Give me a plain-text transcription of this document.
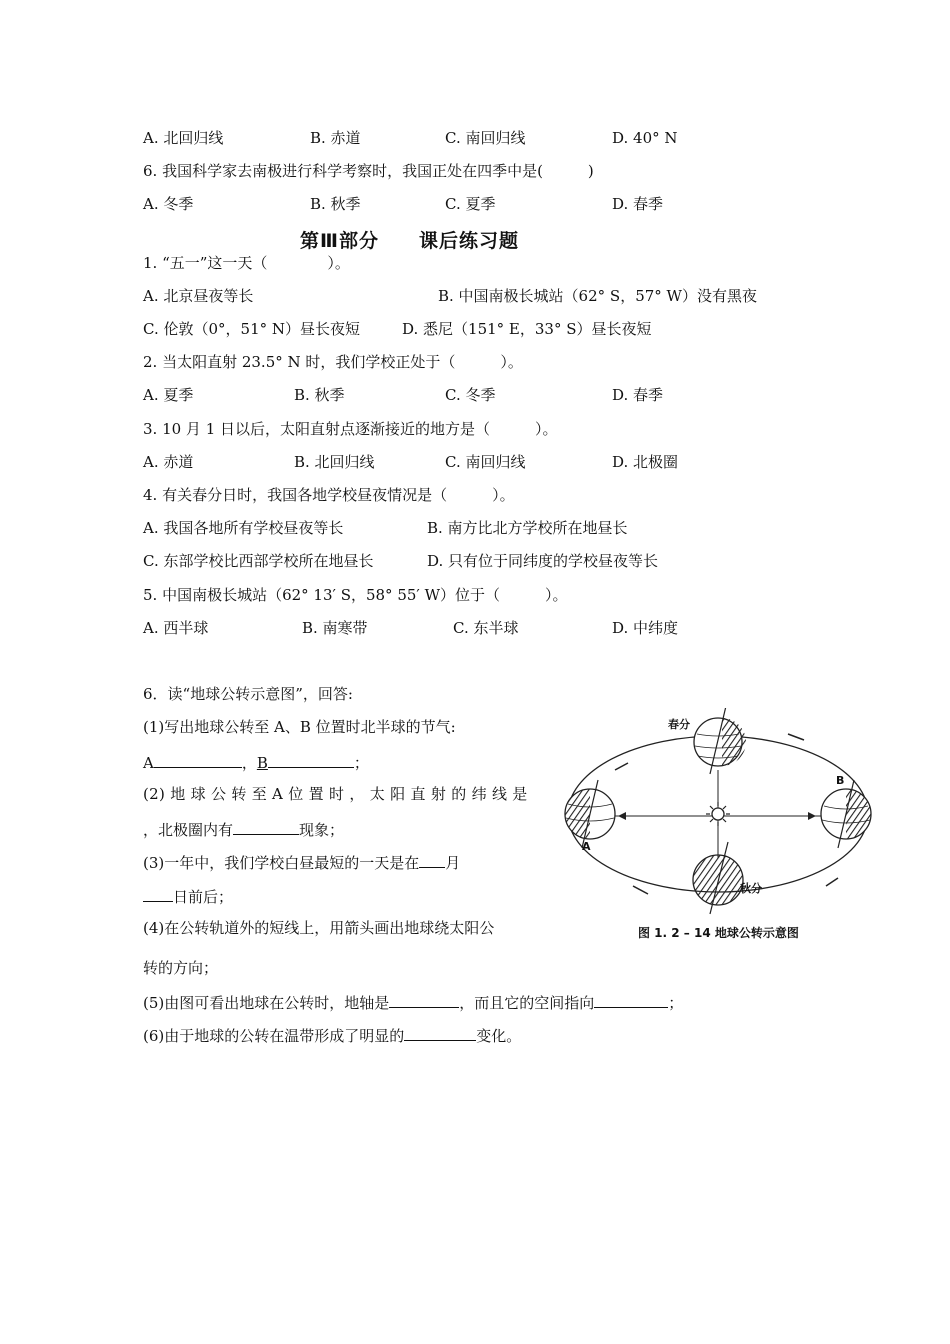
A. 北回归线	B. 赤道	C. 南回归线	D. 40° N
6. 我国科学家去南极进行科学考察时，我国正处在四季中是(　　　)
A. 冬季	B. 秋季	C. 夏季	D. 春季
第Ⅲ部分　　课后练习题
1. “五一”这一天（　　　　）。
A. 北京昼夜等长	B. 中国南极长城站（62° S，57° W）没有黑夜
C. 伦敦（0°，51° N）昼长夜短	D. 悉尼（151° E，33° S）昼长夜短
2. 当太阳直射 23.5° N 时，我们学校正处于（　　　）。
A. 夏季	B. 秋季	C. 冬季	D. 春季
3. 10 月 1 日以后，太阳直射点逐渐接近的地方是（　　　）。
A. 赤道	B. 北回归线	C. 南回归线	D. 北极圈
4. 有关春分日时，我国各地学校昼夜情况是（　　　）。
A. 我国各地所有学校昼夜等长	B. 南方比北方学校所在地昼长
C. 东部学校比西部学校所在地昼长	D. 只有位于同纬度的学校昼夜等长
5. 中国南极长城站（62° 13′ S，58° 55′ W）位于（　　　）。
A. 西半球	B. 南寒带	C. 东半球	D. 中纬度
6．读“地球公转示意图”，回答:
(1)写出地球公转至 A、B 位置时北半球的节气:
A	，B	；
(2) 地 球 公 转 至 A 位 置 时 ， 太 阳 直 射 的 纬 线 是
，北极圈内有	现象；
(3)一年中，我们学校白昼最短的一天是在 月
日前后；
(4)在公转轨道外的短线上，用箭头画出地球绕太阳公
转的方向；
(5)由图可看出地球在公转时，地轴是	，而且它的空间指向	；
(6)由于地球的公转在温带形成了明显的	变化。
春分
秋分
A
B
图 1. 2 – 14 地球公转示意图
